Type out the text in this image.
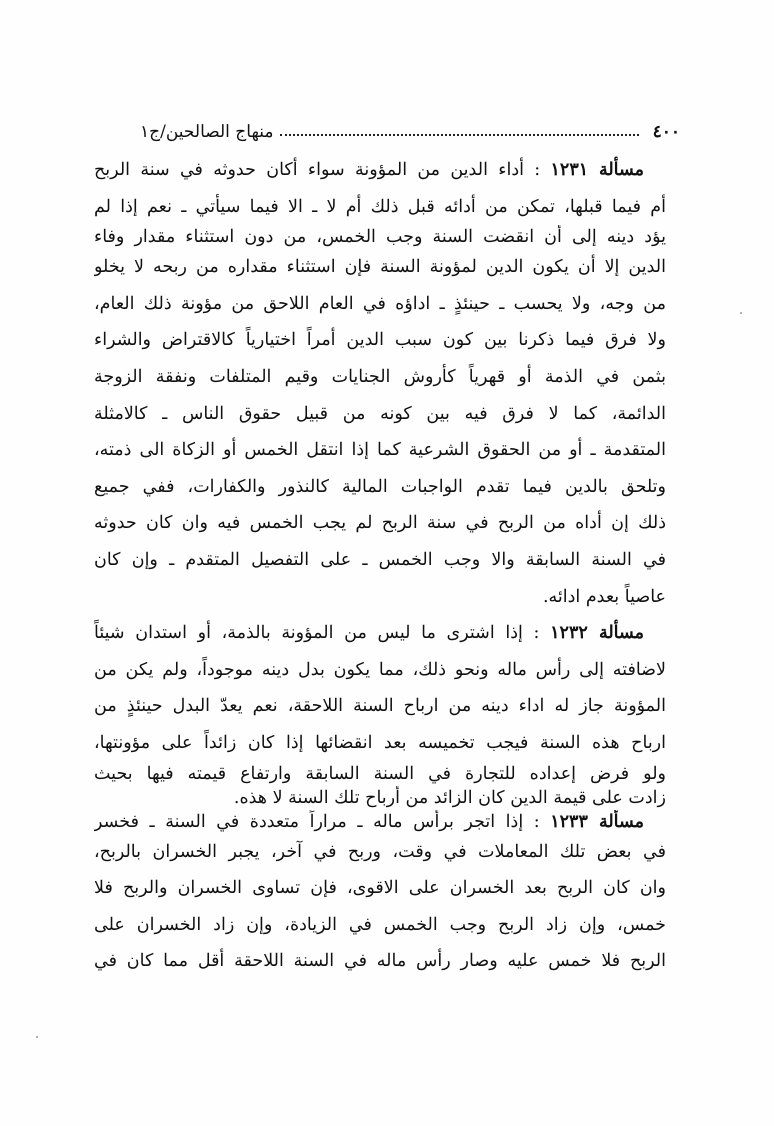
٤٠٠
منهاج الصالحين/ج١
مسألة ١٢٣١ : أداء الدين من المؤونة سواء أكان حدوثه في سنة الربح
أم فيما قبلها، تمكن من أدائه قبل ذلك أم لا ـ الا فيما سيأتي ـ نعم إذا لم
يؤد دينه إلى أن انقضت السنة وجب الخمس، من دون استثناء مقدار وفاء
الدين إلا أن يكون الدين لمؤونة السنة فإن استثناء مقداره من ربحه لا يخلو
من وجه، ولا يحسب ـ حينئذٍ ـ اداؤه في العام اللاحق من مؤونة ذلك العام،
ولا فرق فيما ذكرنا بين كون سبب الدين أمراً اختيارياً كالاقتراض والشراء
بثمن في الذمة أو قهرياً كأروش الجنايات وقيم المتلفات ونفقة الزوجة
الدائمة، كما لا فرق فيه بين كونه من قبيل حقوق الناس ـ كالامثلة
المتقدمة ـ أو من الحقوق الشرعية كما إذا انتقل الخمس أو الزكاة الى ذمته،
وتلحق بالدين فيما تقدم الواجبات المالية كالنذور والكفارات، ففي جميع
ذلك إن أداه من الربح في سنة الربح لم يجب الخمس فيه وان كان حدوثه
في السنة السابقة والا وجب الخمس ـ على التفصيل المتقدم ـ وإن كان
عاصياً بعدم ادائه.
مسألة ١٢٣٢ : إذا اشترى ما ليس من المؤونة بالذمة، أو استدان شيئاً
لاضافته إلى رأس ماله ونحو ذلك، مما يكون بدل دينه موجوداً، ولم يكن من
المؤونة جاز له اداء دينه من ارباح السنة اللاحقة، نعم يعدّ البدل حينئذٍ من
ارباح هذه السنة فيجب تخميسه بعد انقضائها إذا كان زائداً على مؤونتها،
ولو فرض إعداده للتجارة في السنة السابقة وارتفاع قيمته فيها بحيث
زادت على قيمة الدين كان الزائد من أرباح تلك السنة لا هذه.
مسألة ١٢٣٣ : إذا اتجر برأس ماله ـ مراراً متعددة في السنة ـ فخسر
في بعض تلك المعاملات في وقت، وربح في آخر، يجبر الخسران بالربح،
وان كان الربح بعد الخسران على الاقوى، فإن تساوى الخسران والربح فلا
خمس، وإن زاد الربح وجب الخمس في الزيادة، وإن زاد الخسران على
الربح فلا خمس عليه وصار رأس ماله في السنة اللاحقة أقل مما كان في
